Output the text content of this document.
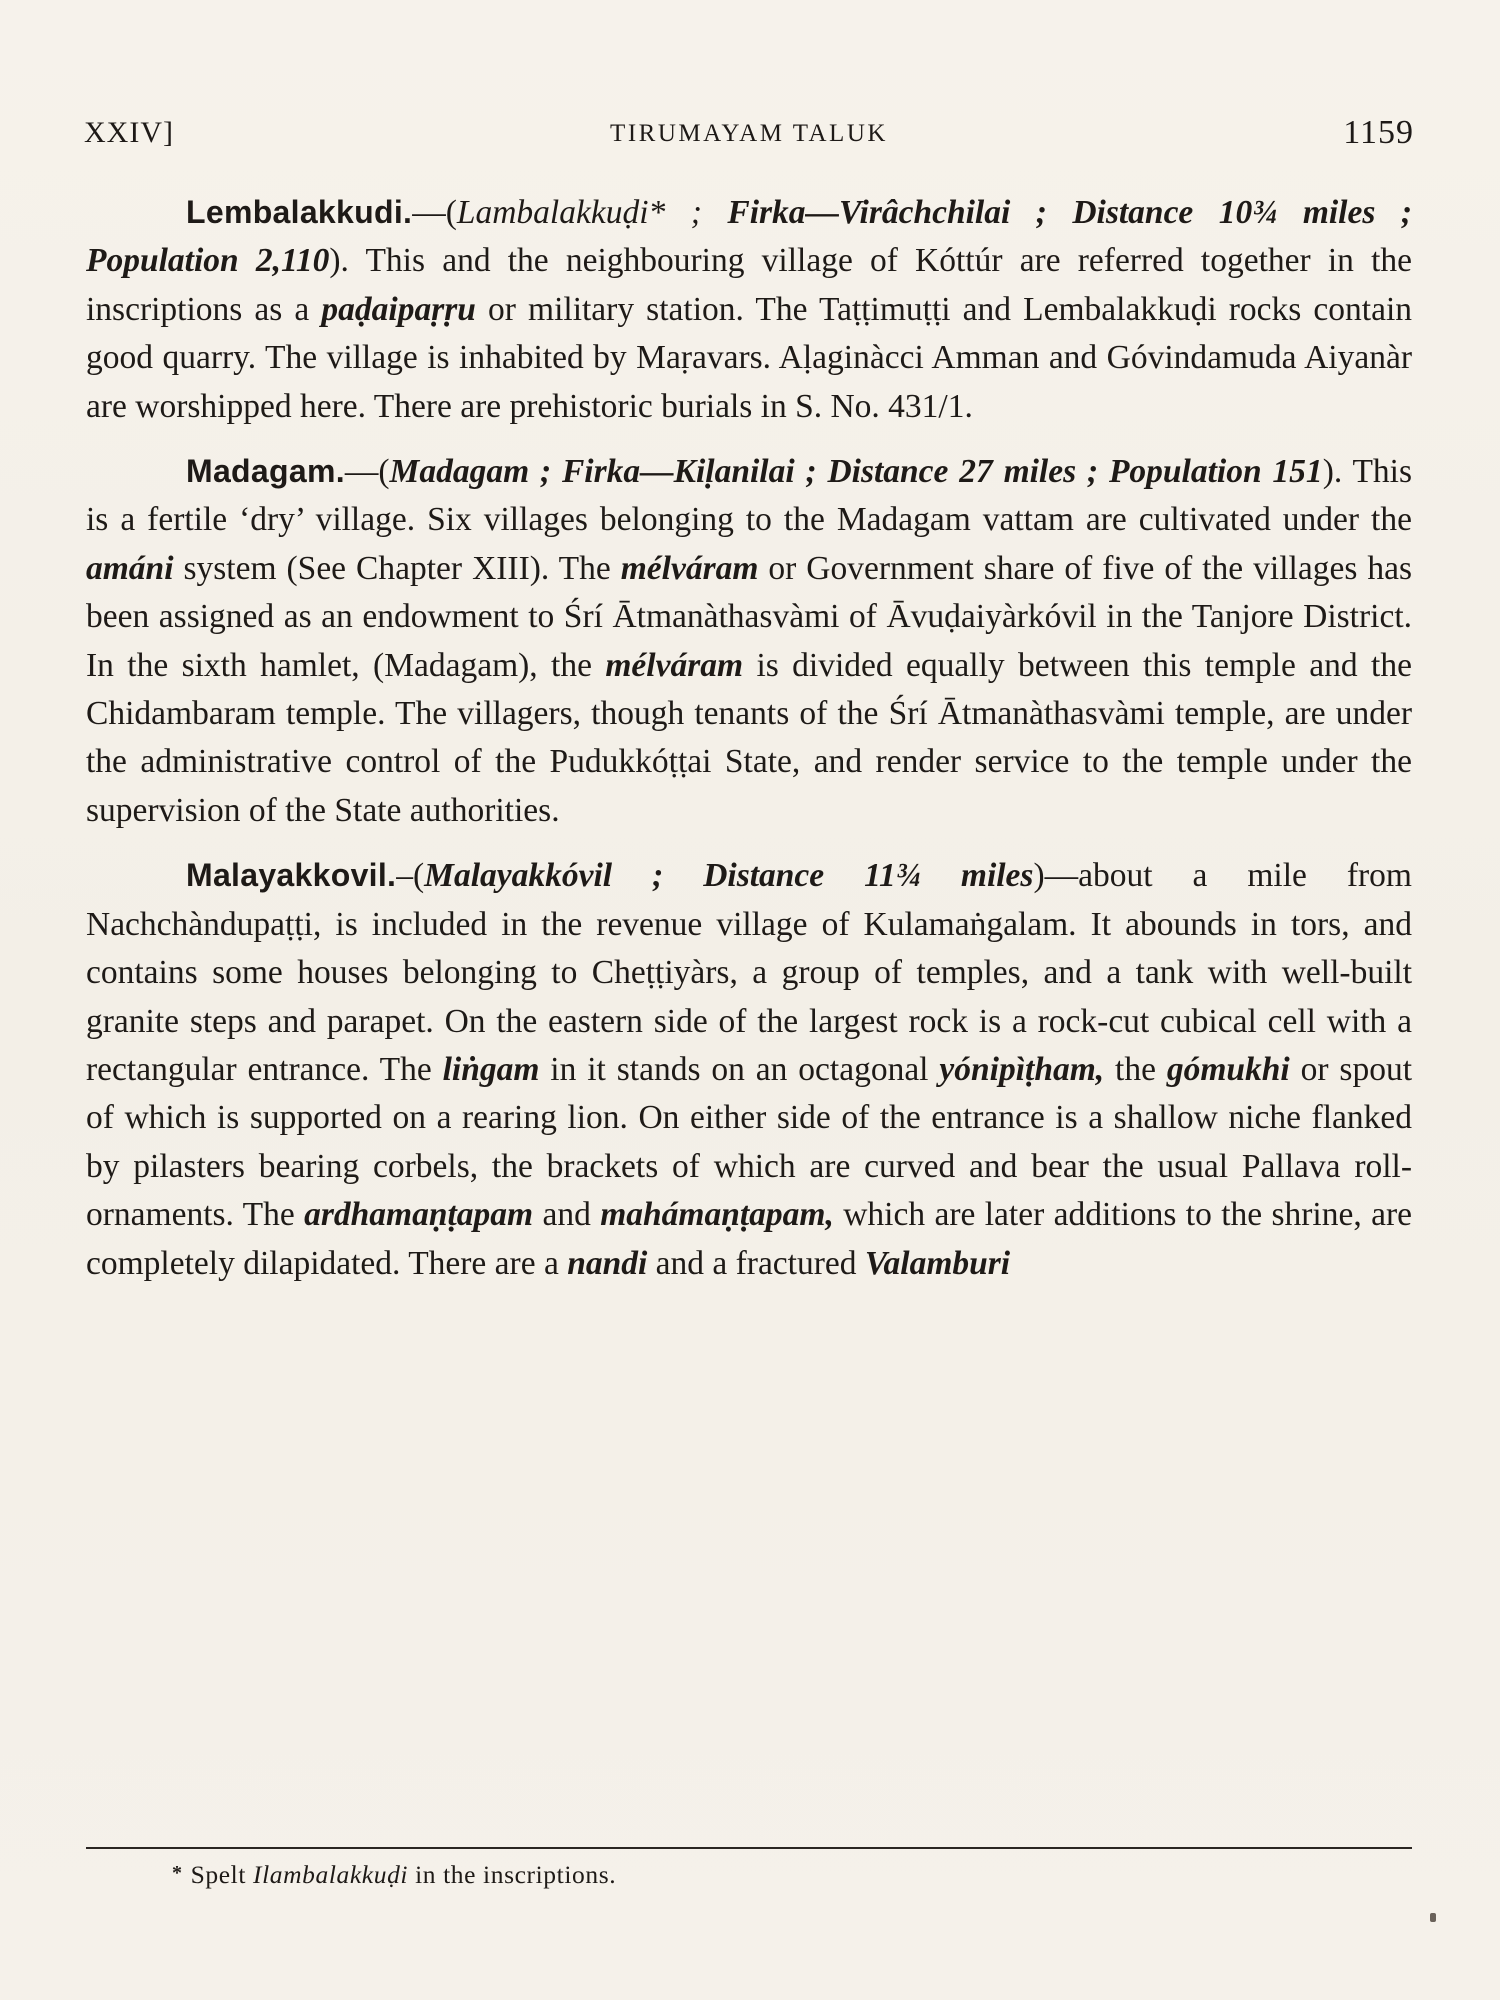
XXIV]	TIRUMAYAM TALUK	1159

Lembalakkudi.—(Lambalakkuḍi* ; Firka—Virâchchilai ; Distance 10¾ miles ; Population 2,110). This and the neighbouring village of Kóttúr are referred together in the inscriptions as a paḍaipaṛṛu or military station. The Taṭṭimuṭṭi and Lembalakkuḍi rocks contain good quarry. The village is inhabited by Maṛavars. Aḷaginàcci Amman and Góvindamuda Aiyanàr are worshipped here. There are prehistoric burials in S. No. 431/1.

Madagam.—(Madagam ; Firka—Kiḷanilai ; Distance 27 miles ; Population 151). This is a fertile ‘dry’ village. Six villages belonging to the Madagam vattam are cultivated under the amáni system (See Chapter XIII). The mélváram or Government share of five of the villages has been assigned as an endowment to Śrí Ātmanàthasvàmi of Āvuḍaiyàrkóvil in the Tanjore District. In the sixth hamlet, (Madagam), the mélváram is divided equally between this temple and the Chidambaram temple. The villagers, though tenants of the Śrí Ātmanàthasvàmi temple, are under the administrative control of the Pudukkóṭṭai State, and render service to the temple under the supervision of the State authorities.

Malayakkovil.–(Malayakkóvil ; Distance 11¾ miles)—about a mile from Nachchàndupaṭṭi, is included in the revenue village of Kulamaṅgalam. It abounds in tors, and contains some houses belonging to Cheṭṭiyàrs, a group of temples, and a tank with well-built granite steps and parapet. On the eastern side of the largest rock is a rock-cut cubical cell with a rectangular entrance. The liṅgam in it stands on an octagonal yónipìṭham, the gómukhi or spout of which is supported on a rearing lion. On either side of the entrance is a shallow niche flanked by pilasters bearing corbels, the brackets of which are curved and bear the usual Pallava roll-ornaments. The ardhamaṇṭapam and mahámaṇṭapam, which are later additions to the shrine, are completely dilapidated. There are a nandi and a fractured Valamburi

* Spelt Ilambalakkuḍi in the inscriptions.
